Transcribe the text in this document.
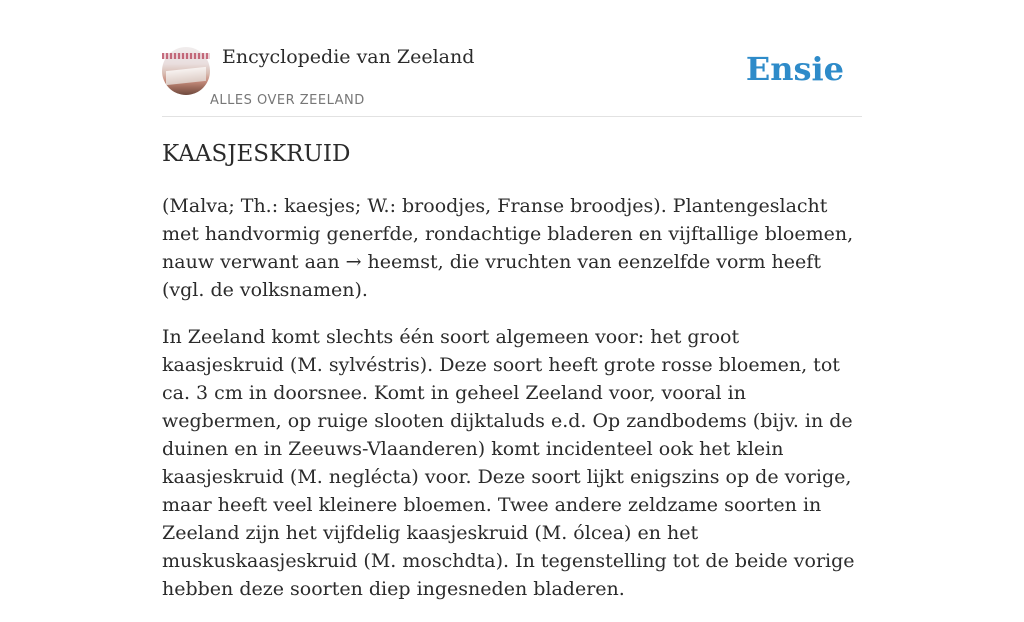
Encyclopedie van Zeeland
ALLES OVER ZEELAND
Ensie
KAASJESKRUID

(Malva; Th.: kaesjes; W.: broodjes, Franse broodjes). Plantengeslacht met handvormig generfde, rondachtige bladeren en vijftallige bloemen, nauw verwant aan → heemst, die vruchten van eenzelfde vorm heeft (vgl. de volksnamen).

In Zeeland komt slechts één soort algemeen voor: het groot kaasjeskruid (M. sylvéstris). Deze soort heeft grote rosse bloemen, tot ca. 3 cm in doorsnee. Komt in geheel Zeeland voor, vooral in wegbermen, op ruige slooten dijktaluds e.d. Op zandbodems (bijv. in de duinen en in Zeeuws-Vlaanderen) komt incidenteel ook het klein kaasjeskruid (M. neglécta) voor. Deze soort lijkt enigszins op de vorige, maar heeft veel kleinere bloemen. Twee andere zeldzame soorten in Zeeland zijn het vijfdelig kaasjeskruid (M. ólcea) en het muskuskaasjeskruid (M. moschdta). In tegenstelling tot de beide vorige hebben deze soorten diep ingesneden bladeren.
